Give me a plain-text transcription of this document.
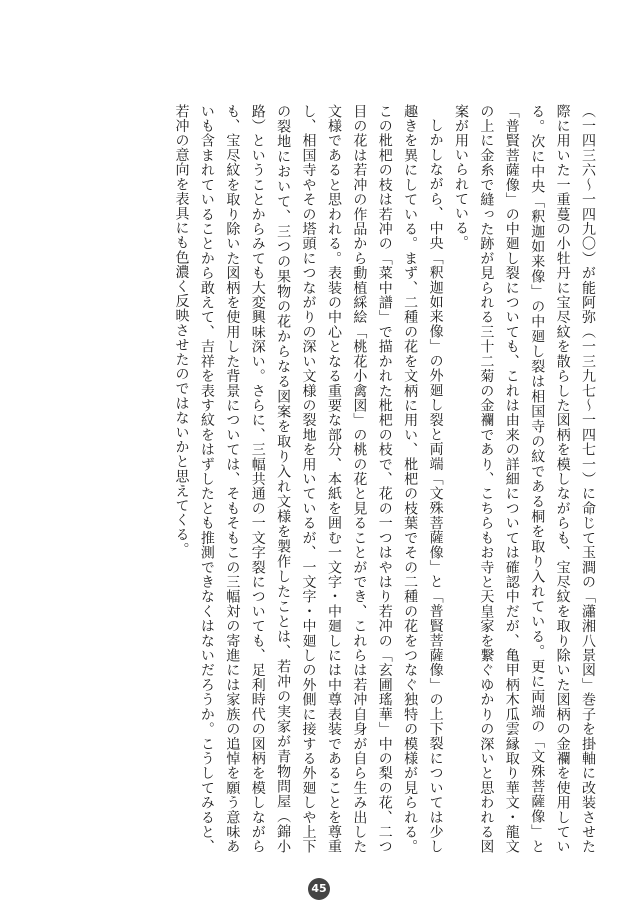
（一四三六～一四九〇）が能阿弥（一三九七～一四七一）に命じて玉澗の「瀟湘八景図」巻子を掛軸に改装させた際に用いた一重蔓の小牡丹に宝尽紋を散らした図柄を模しながらも、宝尽紋を取り除いた図柄の金襴を使用している。次に中央「釈迦如来像」の中廻し裂は相国寺の紋である桐を取り入れている。更に両端の「文殊菩薩像」と「普賢菩薩像」の中廻し裂についても、これは由来の詳細については確認中だが、亀甲柄木瓜雲縁取り華文・龍文の上に金糸で縫った跡が見られる三十二菊の金襴であり、こちらもお寺と天皇家を繋ぐゆかりの深いと思われる図案が用いられている。

しかしながら、中央「釈迦如来像」の外廻し裂と両端「文殊菩薩像」と「普賢菩薩像」の上下裂については少し趣きを異にしている。まず、二種の花を文柄に用い、枇杷の枝葉でその二種の花をつなぐ独特の模様が見られる。この枇杷の枝は若冲の「菜中譜」で描かれた枇杷の枝で、花の一つはやはり若冲の「玄圃瑤華」中の梨の花、二つ目の花は若冲の作品から動植綵絵「桃花小禽図」の桃の花と見ることができ、これらは若冲自身が自ら生み出した文様であると思われる。表装の中心となる重要な部分、本紙を囲む一文字・中廻しには中尊表装であることを尊重し、相国寺やその塔頭につながりの深い文様の裂地を用いているが、一文字・中廻しの外側に接する外廻しや上下の裂地において、三つの果物の花からなる図案を取り入れ文様を製作したことは、若冲の実家が青物問屋（錦小路）ということからみても大変興味深い。さらに、三幅共通の一文字裂についても、足利時代の図柄を模しながらも、宝尽紋を取り除いた図柄を使用した背景については、そもそもこの三幅対の寄進には家族の追悼を願う意味あいも含まれていることから敢えて、吉祥を表す紋をはずしたとも推測できなくはないだろうか。こうしてみると、若冲の意向を表具にも色濃く反映させたのではないかと思えてくる。

45
